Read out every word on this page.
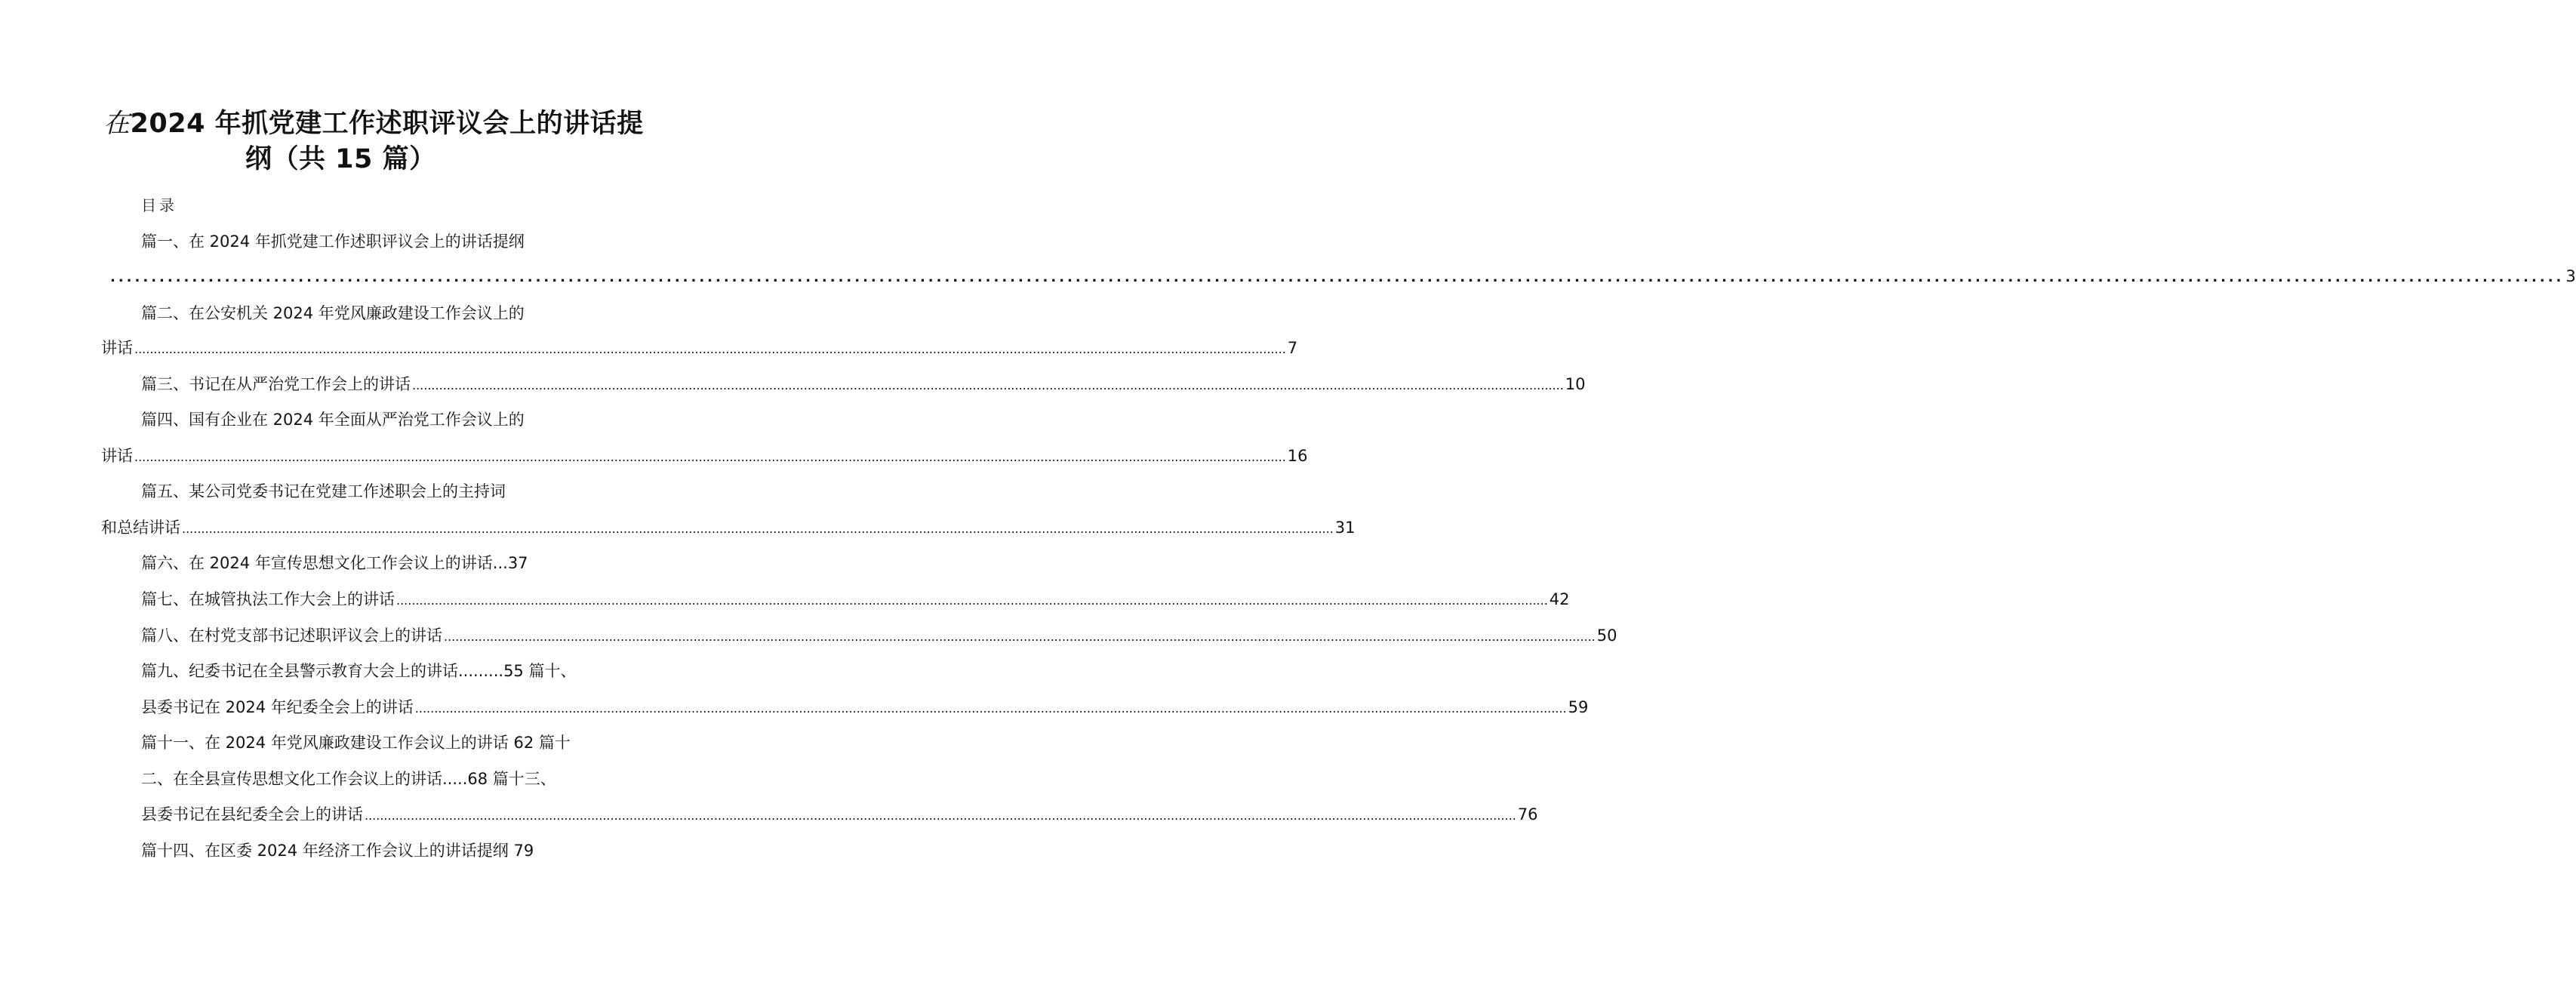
在2024 年抓党建工作述职评议会上的讲话提
纲（共 15 篇）
目录
篇一、在 2024 年抓党建工作述职评议会上的讲话提纲
............................................................................................................................................................................................................................................................................................................ 3
篇二、在公安机关 2024 年党风廉政建设工作会议上的
讲话 ............................................................................................................................................................................................................................................................................................................ 7
篇三、书记在从严治党工作会上的讲话 ............................................................................................................................................................................................................................................................................................................ 10
篇四、国有企业在 2024 年全面从严治党工作会议上的
讲话 ............................................................................................................................................................................................................................................................................................................ 16
篇五、某公司党委书记在党建工作述职会上的主持词
和总结讲话 ............................................................................................................................................................................................................................................................................................................ 31
篇六、在 2024 年宣传思想文化工作会议上的讲话...37
篇七、在城管执法工作大会上的讲话 ............................................................................................................................................................................................................................................................................................................ 42
篇八、在村党支部书记述职评议会上的讲话 ............................................................................................................................................................................................................................................................................................................ 50
篇九、纪委书记在全县警示教育大会上的讲话.........55 篇十、
县委书记在 2024 年纪委全会上的讲话 ............................................................................................................................................................................................................................................................................................................ 59
篇十一、在 2024 年党风廉政建设工作会议上的讲话 62 篇十
二、在全县宣传思想文化工作会议上的讲话.....68 篇十三、
县委书记在县纪委全会上的讲话 ............................................................................................................................................................................................................................................................................................................ 76
篇十四、在区委 2024 年经济工作会议上的讲话提纲 79
